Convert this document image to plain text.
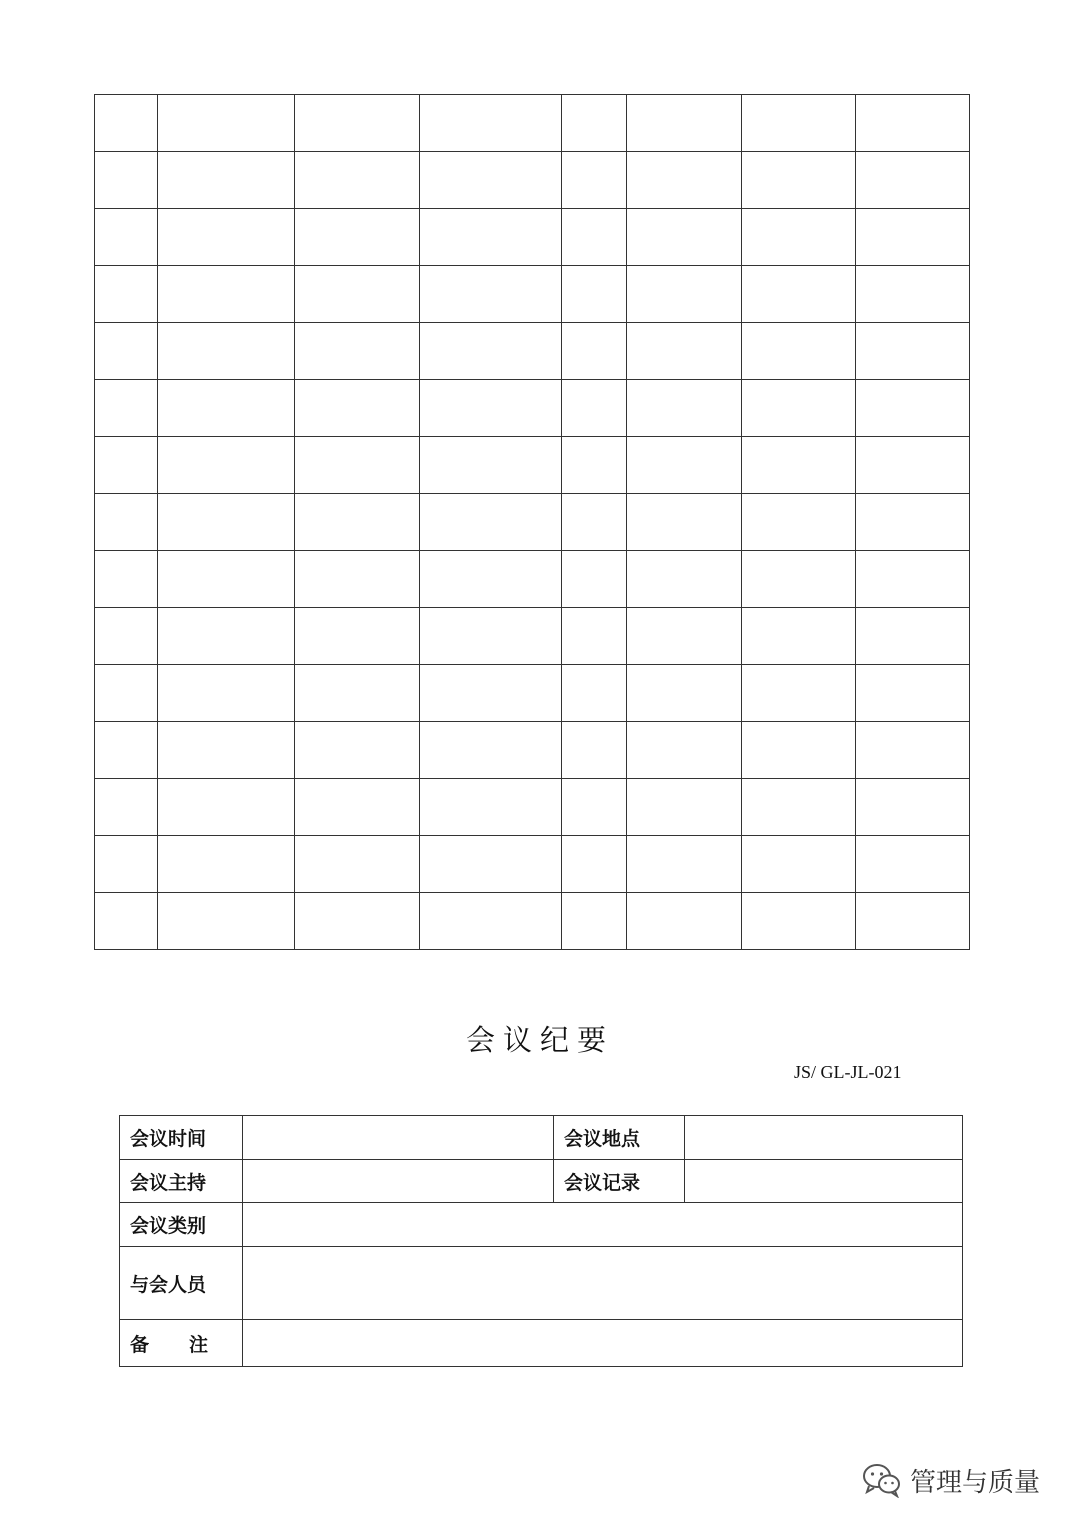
会议纪要
JS/ GL-JL-021
会议时间		会议地点	
会议主持		会议记录	
会议类别			
与会人员			
备 注			
管理与质量
